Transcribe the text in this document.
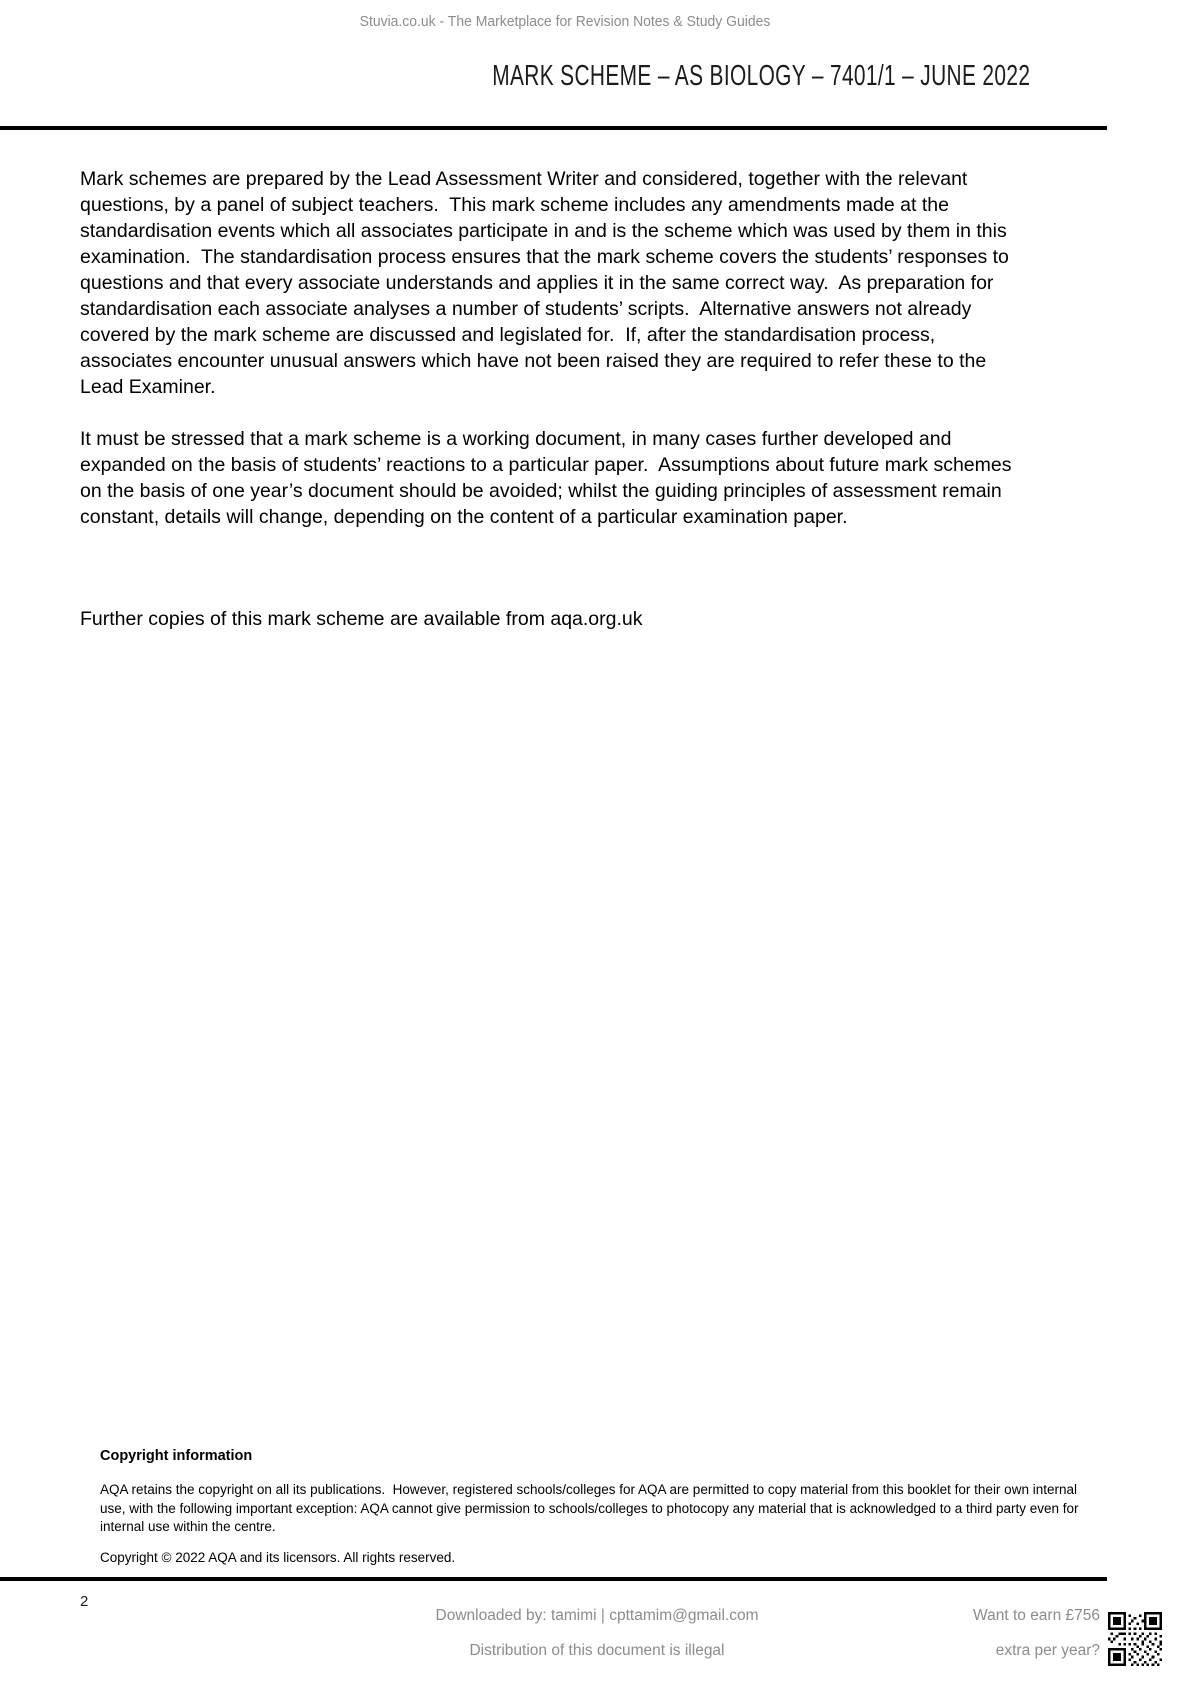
Stuvia.co.uk - The Marketplace for Revision Notes & Study Guides
MARK SCHEME – AS BIOLOGY – 7401/1 – JUNE 2022
Mark schemes are prepared by the Lead Assessment Writer and considered, together with the relevant questions, by a panel of subject teachers.  This mark scheme includes any amendments made at the standardisation events which all associates participate in and is the scheme which was used by them in this examination.  The standardisation process ensures that the mark scheme covers the students’ responses to questions and that every associate understands and applies it in the same correct way.  As preparation for standardisation each associate analyses a number of students’ scripts.  Alternative answers not already covered by the mark scheme are discussed and legislated for.  If, after the standardisation process, associates encounter unusual answers which have not been raised they are required to refer these to the Lead Examiner.
It must be stressed that a mark scheme is a working document, in many cases further developed and expanded on the basis of students’ reactions to a particular paper.  Assumptions about future mark schemes on the basis of one year’s document should be avoided; whilst the guiding principles of assessment remain constant, details will change, depending on the content of a particular examination paper.
Further copies of this mark scheme are available from aqa.org.uk
Copyright information
AQA retains the copyright on all its publications.  However, registered schools/colleges for AQA are permitted to copy material from this booklet for their own internal use, with the following important exception: AQA cannot give permission to schools/colleges to photocopy any material that is acknowledged to a third party even for internal use within the centre.
Copyright © 2022 AQA and its licensors. All rights reserved.
2
Downloaded by: tamimi | cpttamim@gmail.com
Distribution of this document is illegal
Want to earn £756
extra per year?
